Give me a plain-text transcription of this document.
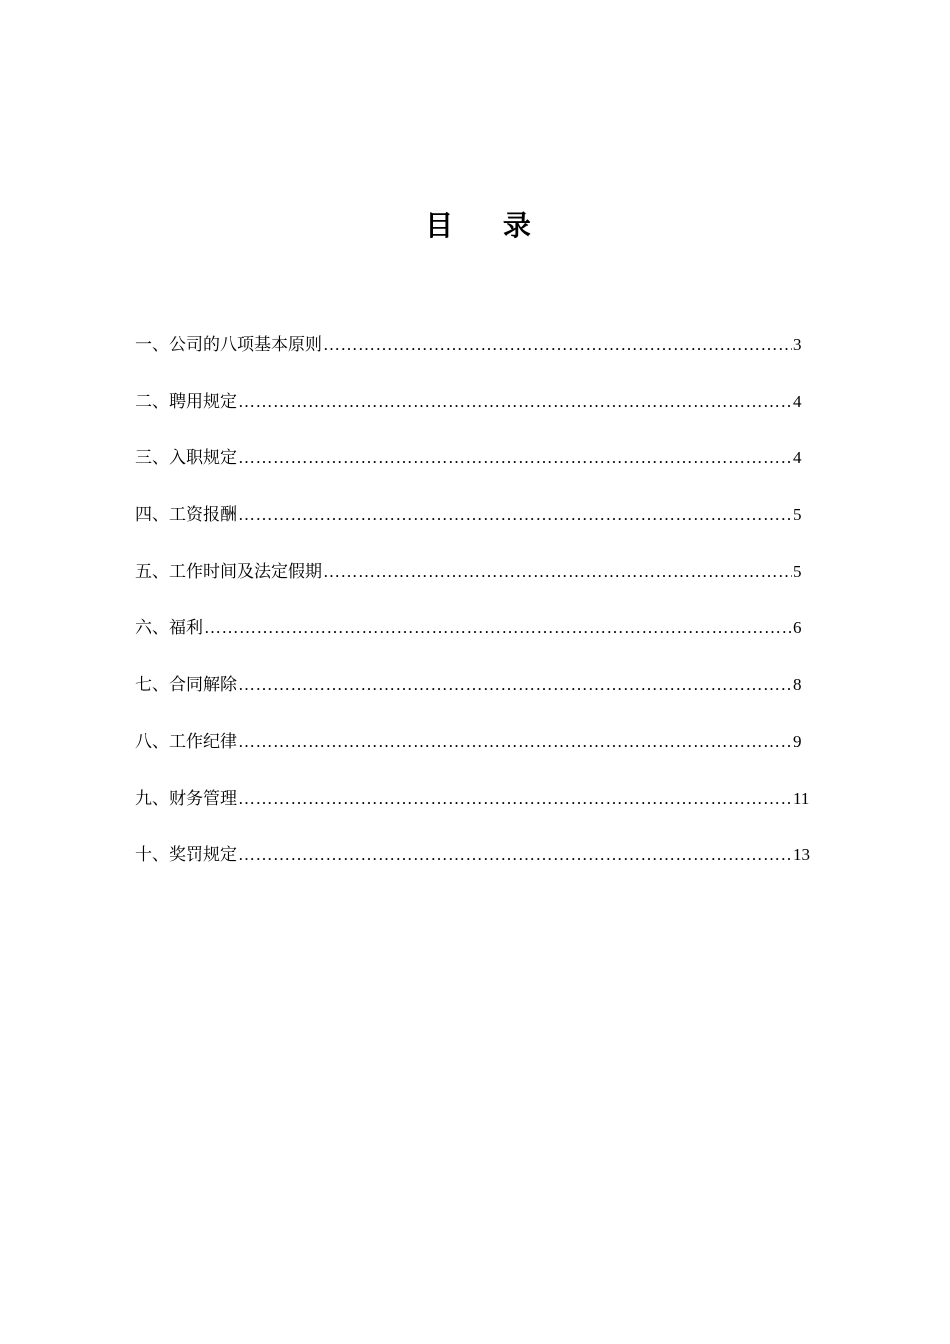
目 录
一、公司的八项基本原则 …………………………………………………………………………………………………………………………………………………………………………………………………………………………………………	3
二、聘用规定 …………………………………………………………………………………………………………………………………………………………………………………………………………………………………………	4
三、入职规定 …………………………………………………………………………………………………………………………………………………………………………………………………………………………………………	4
四、工资报酬 …………………………………………………………………………………………………………………………………………………………………………………………………………………………………………	5
五、工作时间及法定假期 …………………………………………………………………………………………………………………………………………………………………………………………………………………………………………	5
六、福利 …………………………………………………………………………………………………………………………………………………………………………………………………………………………………………	6
七、合同解除 …………………………………………………………………………………………………………………………………………………………………………………………………………………………………………	8
八、工作纪律 …………………………………………………………………………………………………………………………………………………………………………………………………………………………………………	9
九、财务管理 …………………………………………………………………………………………………………………………………………………………………………………………………………………………………………	11
十、奖罚规定 …………………………………………………………………………………………………………………………………………………………………………………………………………………………………………	13
